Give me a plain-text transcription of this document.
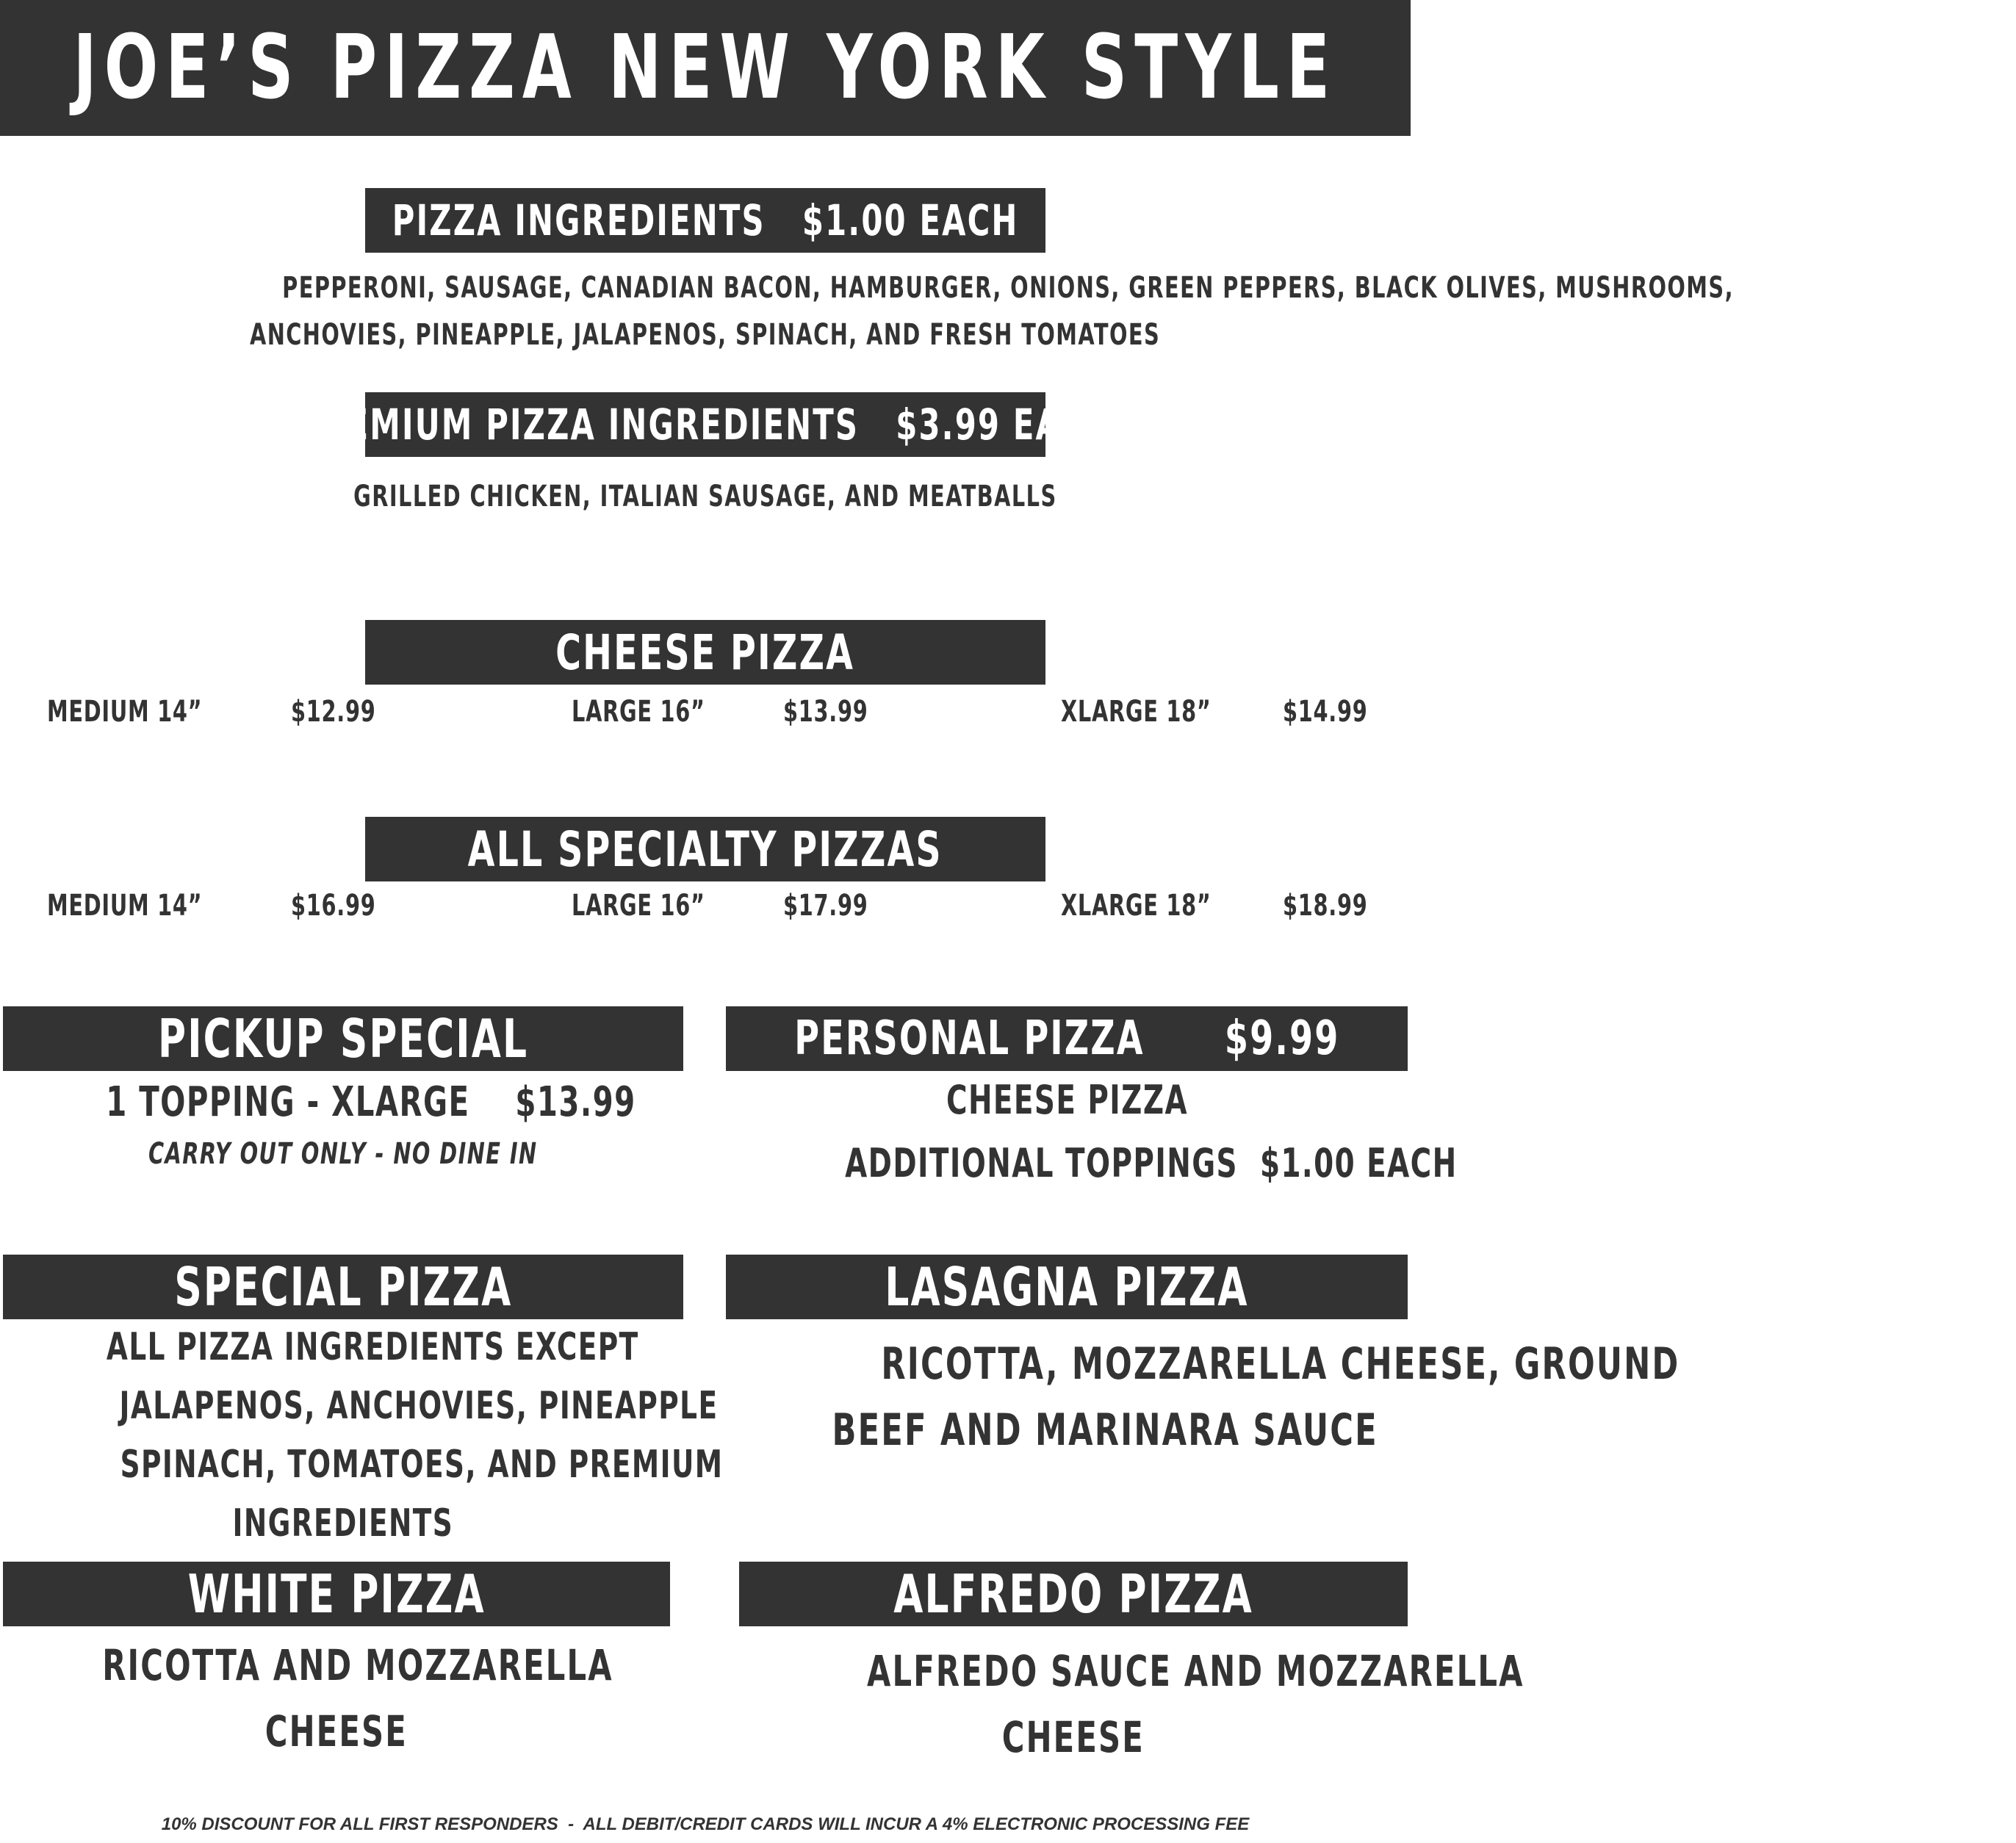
JOE’S PIZZA NEW YORK STYLE
PIZZA INGREDIENTS   $1.00 EACH
PEPPERONI, SAUSAGE, CANADIAN BACON, HAMBURGER, ONIONS, GREEN PEPPERS, BLACK OLIVES, MUSHROOMS,
ANCHOVIES, PINEAPPLE, JALAPENOS, SPINACH, AND FRESH TOMATOES
PREMIUM PIZZA INGREDIENTS   $3.99 EACH
GRILLED CHICKEN, ITALIAN SAUSAGE, AND MEATBALLS
CHEESE PIZZA
MEDIUM 14”	$12.99	LARGE 16”	$13.99	XLARGE 18”	$14.99
ALL SPECIALTY PIZZAS
MEDIUM 14”	$16.99	LARGE 16”	$17.99	XLARGE 18”	$18.99
PICKUP SPECIAL
1 TOPPING - XLARGE    $13.99
CARRY OUT ONLY - NO DINE IN
PERSONAL PIZZA      $9.99
CHEESE PIZZA
ADDITIONAL TOPPINGS  $1.00 EACH
SPECIAL PIZZA
ALL PIZZA INGREDIENTS EXCEPT
JALAPENOS, ANCHOVIES, PINEAPPLE
SPINACH, TOMATOES, AND PREMIUM
INGREDIENTS
LASAGNA PIZZA
RICOTTA, MOZZARELLA CHEESE, GROUND
BEEF AND MARINARA SAUCE
WHITE PIZZA
RICOTTA AND MOZZARELLA
CHEESE
ALFREDO PIZZA
ALFREDO SAUCE AND MOZZARELLA
CHEESE
10% DISCOUNT FOR ALL FIRST RESPONDERS  -  ALL DEBIT/CREDIT CARDS WILL INCUR A 4% ELECTRONIC PROCESSING FEE
